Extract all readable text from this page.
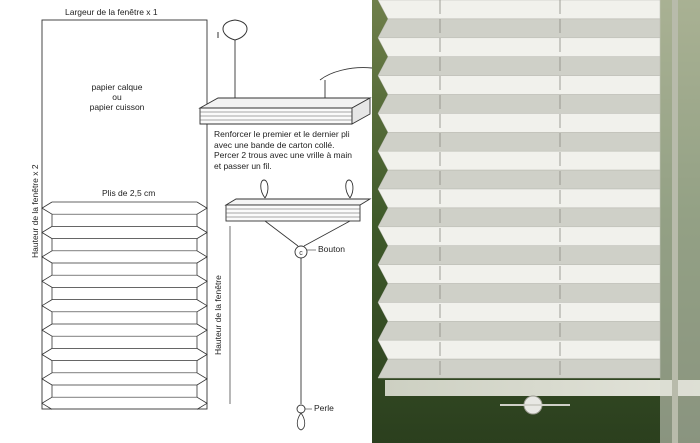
c
Largeur de la fenêtre x 1
papier calque
ou
papier cuisson
Hauteur de la fenêtre x 2	Plis de 2,5 cm
Renforcer le premier et le dernier pli
avec une bande de carton collé.
Percer 2 trous avec une vrille à main
et passer un fil.
Bouton
Hauteur de la fenêtre
Perle
